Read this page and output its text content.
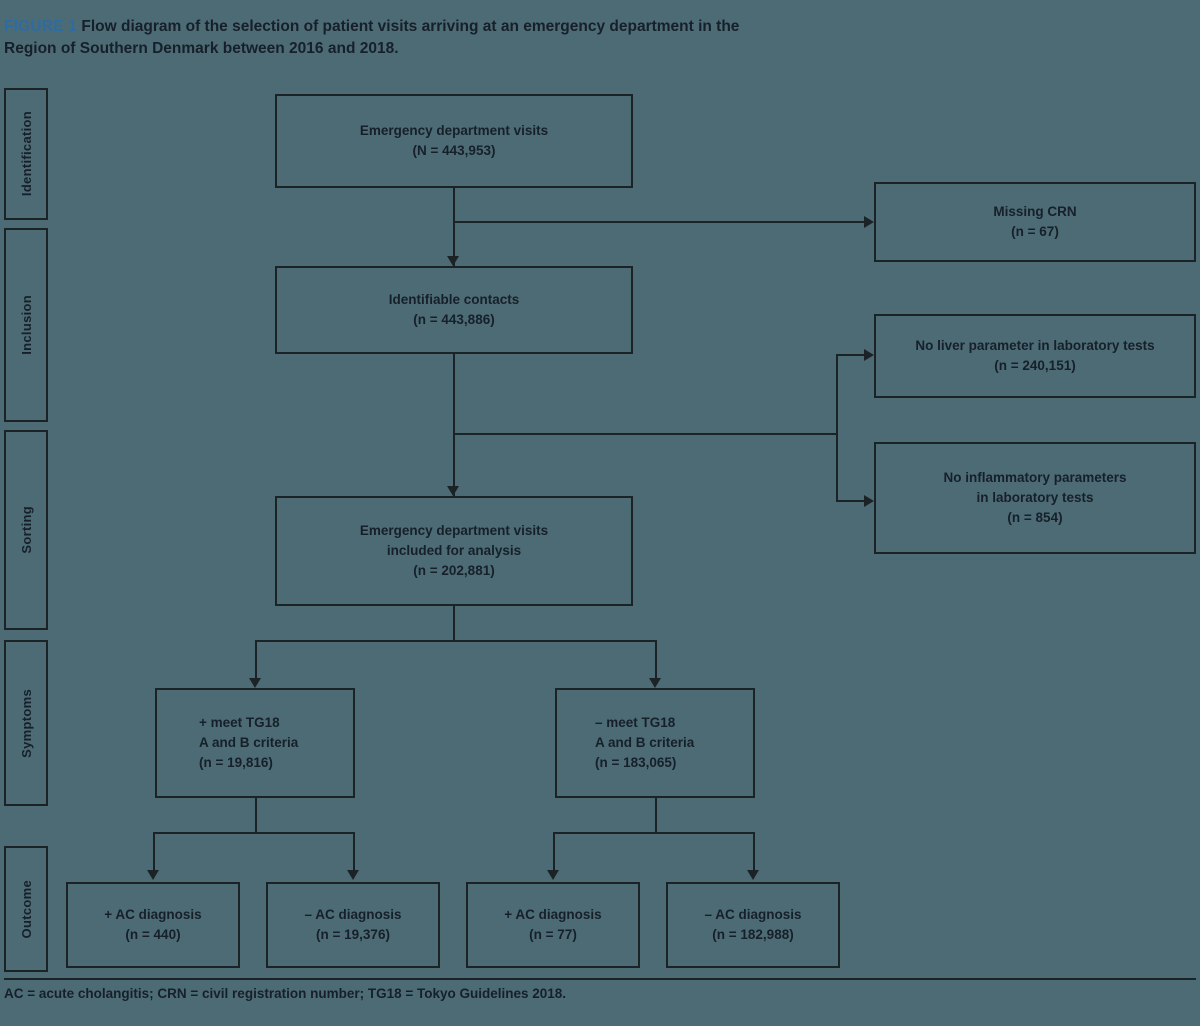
FIGURE 1 Flow diagram of the selection of patient visits arriving at an emergency department in the Region of Southern Denmark between 2016 and 2018.
Identification
Inclusion
Sorting
Symptoms
Outcome
Emergency department visits
(N = 443,953)
Missing CRN
(n = 67)
Identifiable contacts
(n = 443,886)
No liver parameter in laboratory tests
(n = 240,151)
No inflammatory parameters
in laboratory tests
(n = 854)
Emergency department visits
included for analysis
(n = 202,881)
+ meet TG18
A and B criteria
(n = 19,816)
– meet TG18
A and B criteria
(n = 183,065)
+ AC diagnosis
(n = 440)
– AC diagnosis
(n = 19,376)
+ AC diagnosis
(n = 77)
– AC diagnosis
(n = 182,988)
AC = acute cholangitis; CRN = civil registration number; TG18 = Tokyo Guidelines 2018.
